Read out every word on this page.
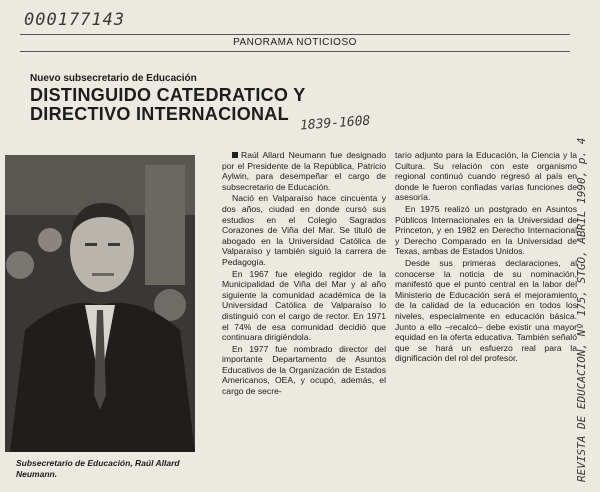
000177143
PANORAMA NOTICIOSO
Nuevo subsecretario de Educación
DISTINGUIDO CATEDRATICO Y DIRECTIVO INTERNACIONAL 1839-1608
Subsecretario de Educación, Raúl Allard Neumann.

Raúl Allard Neumann fue designado por el Presidente de la República, Patricio Aylwin, para desempeñar el cargo de subsecretario de Educación.

Nació en Valparaíso hace cincuenta y dos años, ciudad en donde cursó sus estudios en el Colegio Sagrados Corazones de Viña del Mar. Se tituló de abogado en la Universidad Católica de Valparaíso y también siguió la carrera de Pedagogía.

En 1967 fue elegido regidor de la Municipalidad de Viña del Mar y al año siguiente la comunidad académica de la Universidad Católica de Valparaíso lo distinguió con el cargo de rector. En 1971 el 74% de esa comunidad decidió que continuara dirigiéndola.

En 1977 fue nombrado director del importante Departamento de Asuntos Educativos de la Organización de Estados Americanos, OEA, y ocupó, además, el cargo de secre-

tario adjunto para la Educación, la Ciencia y la Cultura. Su relación con este organismo regional continuó cuando regresó al país en donde le fueron confiadas varias funciones de asesoría.

En 1975 realizó un postgrado en Asuntos Públicos Internacionales en la Universidad de Princeton, y en 1982 en Derecho Internacional y Derecho Comparado en la Universidad de Texas, ambas de Estados Unidos.

Desde sus primeras declaraciones, al conocerse la noticia de su nominación, manifestó que el punto central en la labor del Ministerio de Educación será el mejoramiento de la calidad de la educación en todos los niveles, especialmente en educación básica. Junto a ello –recalcó– debe existir una mayor equidad en la oferta educativa. También señaló que se hará un esfuerzo real para la dignificación del rol del profesor.	REVISTA DE EDUCACION, Nº 175, STGO, ABRIL 1990, p. 4
